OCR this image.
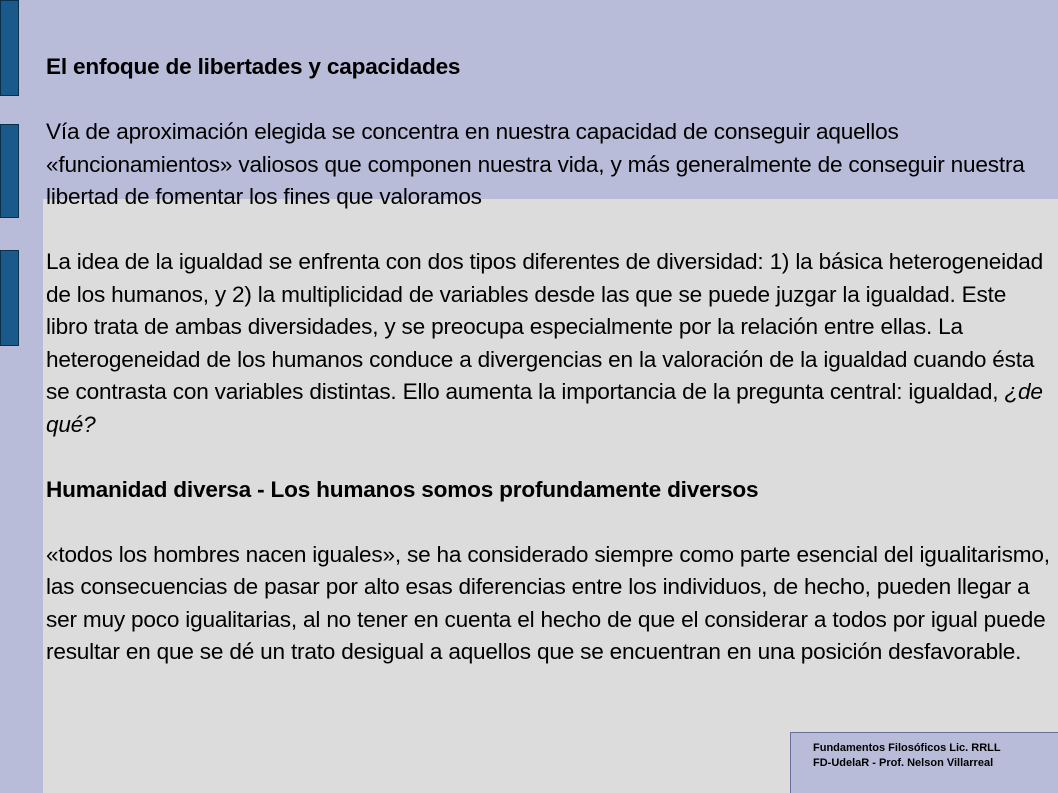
El enfoque de libertades y capacidades

Vía de aproximación elegida se concentra en nuestra capacidad de conseguir aquellos «funcionamientos» valiosos que componen nuestra vida, y más generalmente de conseguir nuestra libertad de fomentar los fines que valoramos

La idea de la igualdad se enfrenta con dos tipos diferentes de diversidad: 1) la básica heterogeneidad de los humanos, y 2) la multiplicidad de variables desde las que se puede juzgar la igualdad. Este libro trata de ambas diversidades, y se preocupa especialmente por la relación entre ellas. La heterogeneidad de los humanos conduce a divergencias en la valoración de la igualdad cuando ésta se contrasta con variables distintas. Ello aumenta la importancia de la pregunta central: igualdad, ¿de qué?

Humanidad diversa - Los humanos somos profundamente diversos

«todos los hombres nacen iguales», se ha considerado siempre como parte esencial del igualitarismo, las consecuencias de pasar por alto esas diferencias entre los individuos, de hecho, pueden llegar a ser muy poco igualitarias, al no tener en cuenta el hecho de que el considerar a todos por igual puede resultar en que se dé un trato desigual a aquellos que se encuentran en una posición desfavorable.

Fundamentos Filosóficos Lic. RRLL
FD-UdelaR - Prof. Nelson Villarreal
